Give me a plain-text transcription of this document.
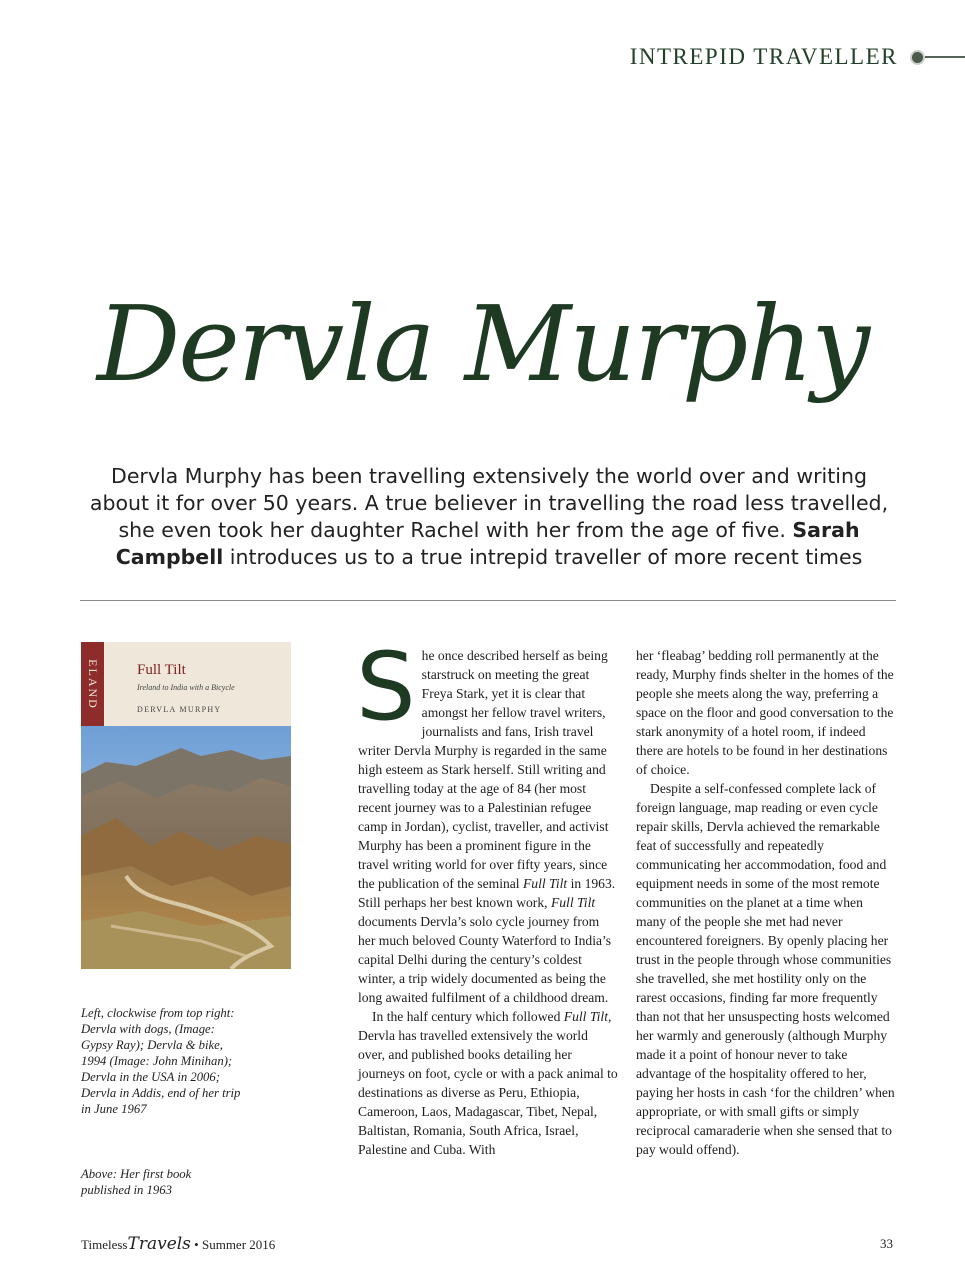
INTREPID TRAVELLER
Dervla Murphy
Dervla Murphy has been travelling extensively the world over and writing about it for over 50 years. A true believer in travelling the road less travelled, she even took her daughter Rachel with her from the age of five. Sarah Campbell introduces us to a true intrepid traveller of more recent times
ELAND Full Tilt
Ireland to India with a Bicycle
DERVLA MURPHY
Left, clockwise from top right: Dervla with dogs, (Image: Gypsy Ray); Dervla & bike, 1994 (Image: John Minihan); Dervla in the USA in 2006; Dervla in Addis, end of her trip in June 1967
Above: Her first book published in 1963

She once described herself as being starstruck on meeting the great Freya Stark, yet it is clear that amongst her fellow travel writers, journalists and fans, Irish travel writer Dervla Murphy is regarded in the same high esteem as Stark herself. Still writing and travelling today at the age of 84 (her most recent journey was to a Palestinian refugee camp in Jordan), cyclist, traveller, and activist Murphy has been a prominent figure in the travel writing world for over fifty years, since the publication of the seminal Full Tilt in 1963. Still perhaps her best known work, Full Tilt documents Dervla’s solo cycle journey from her much beloved County Waterford to India’s capital Delhi during the century’s coldest winter, a trip widely documented as being the long awaited fulfilment of a childhood dream.

In the half century which followed Full Tilt, Dervla has travelled extensively the world over, and published books detailing her journeys on foot, cycle or with a pack animal to destinations as diverse as Peru, Ethiopia, Cameroon, Laos, Madagascar, Tibet, Nepal, Baltistan, Romania, South Africa, Israel, Palestine and Cuba. With

her ‘fleabag’ bedding roll permanently at the ready, Murphy finds shelter in the homes of the people she meets along the way, preferring a space on the floor and good conversation to the stark anonymity of a hotel room, if indeed there are hotels to be found in her destinations of choice.

Despite a self-confessed complete lack of foreign language, map reading or even cycle repair skills, Dervla achieved the remarkable feat of successfully and repeatedly communicating her accommodation, food and equipment needs in some of the most remote communities on the planet at a time when many of the people she met had never encountered foreigners. By openly placing her trust in the people through whose communities she travelled, she met hostility only on the rarest occasions, finding far more frequently than not that her unsuspecting hosts welcomed her warmly and generously (although Murphy made it a point of honour never to take advantage of the hospitality offered to her, paying her hosts in cash ‘for the children’ when appropriate, or with small gifts or simply reciprocal camaraderie when she sensed that to pay would offend).

TimelessTravels • Summer 2016	33
